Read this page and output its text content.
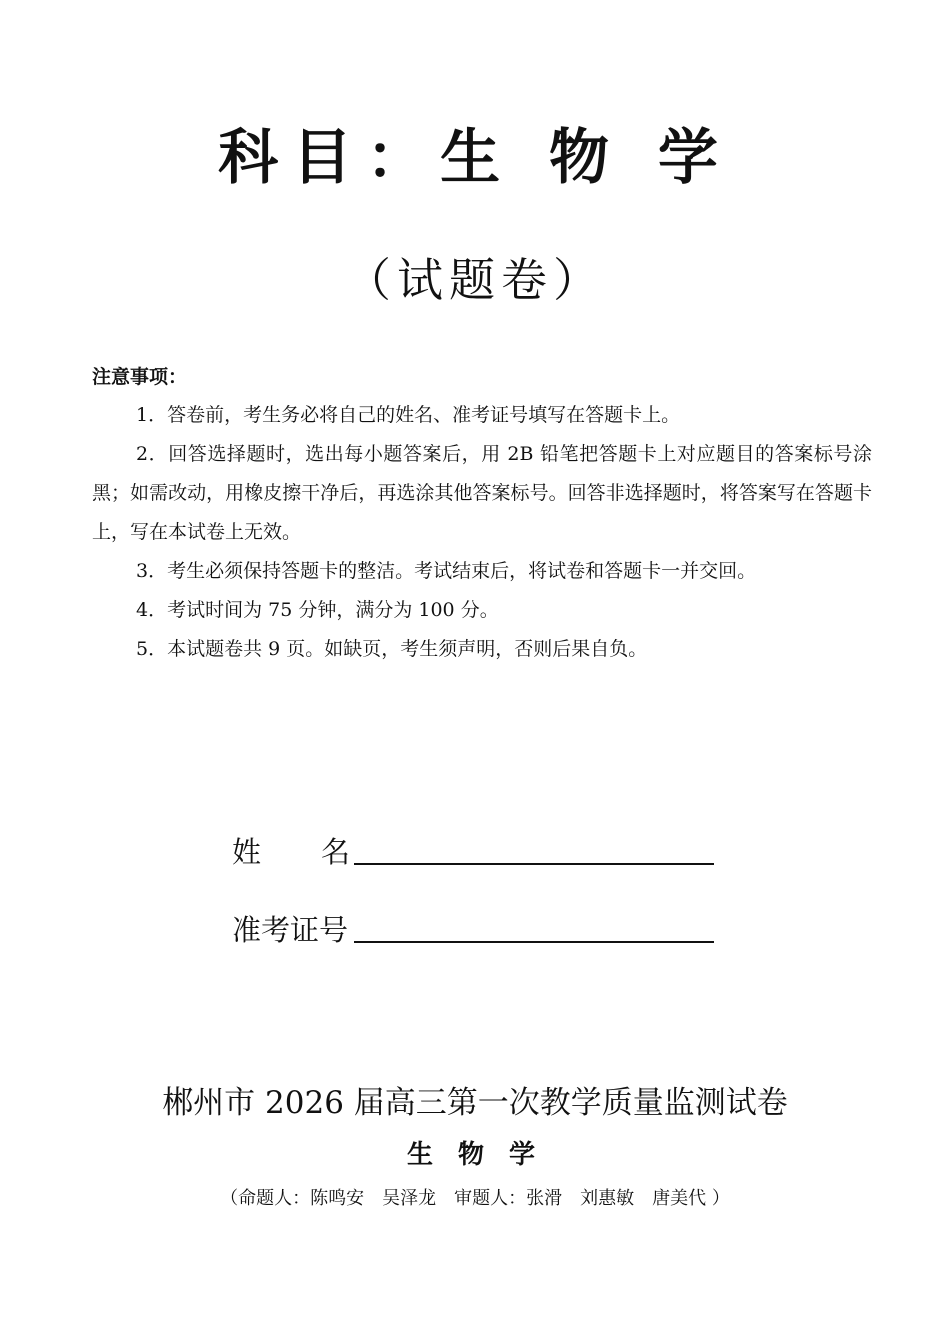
科目：生 物 学
（试题卷）
注意事项：
1．答卷前，考生务必将自己的姓名、准考证号填写在答题卡上。
2．回答选择题时，选出每小题答案后，用 2B 铅笔把答题卡上对应题目的答案标号涂黑；如需改动，用橡皮擦干净后，再选涂其他答案标号。回答非选择题时，将答案写在答题卡上，写在本试卷上无效。
3．考生必须保持答题卡的整洁。考试结束后，将试卷和答题卡一并交回。
4．考试时间为 75 分钟，满分为 100 分。
5．本试题卷共 9 页。如缺页，考生须声明，否则后果自负。
姓名
准考证号
郴州市 2026 届高三第一次教学质量监测试卷
生 物 学
（命题人：陈鸣安　吴泽龙　审题人：张滑　刘惠敏　唐美代 ）
